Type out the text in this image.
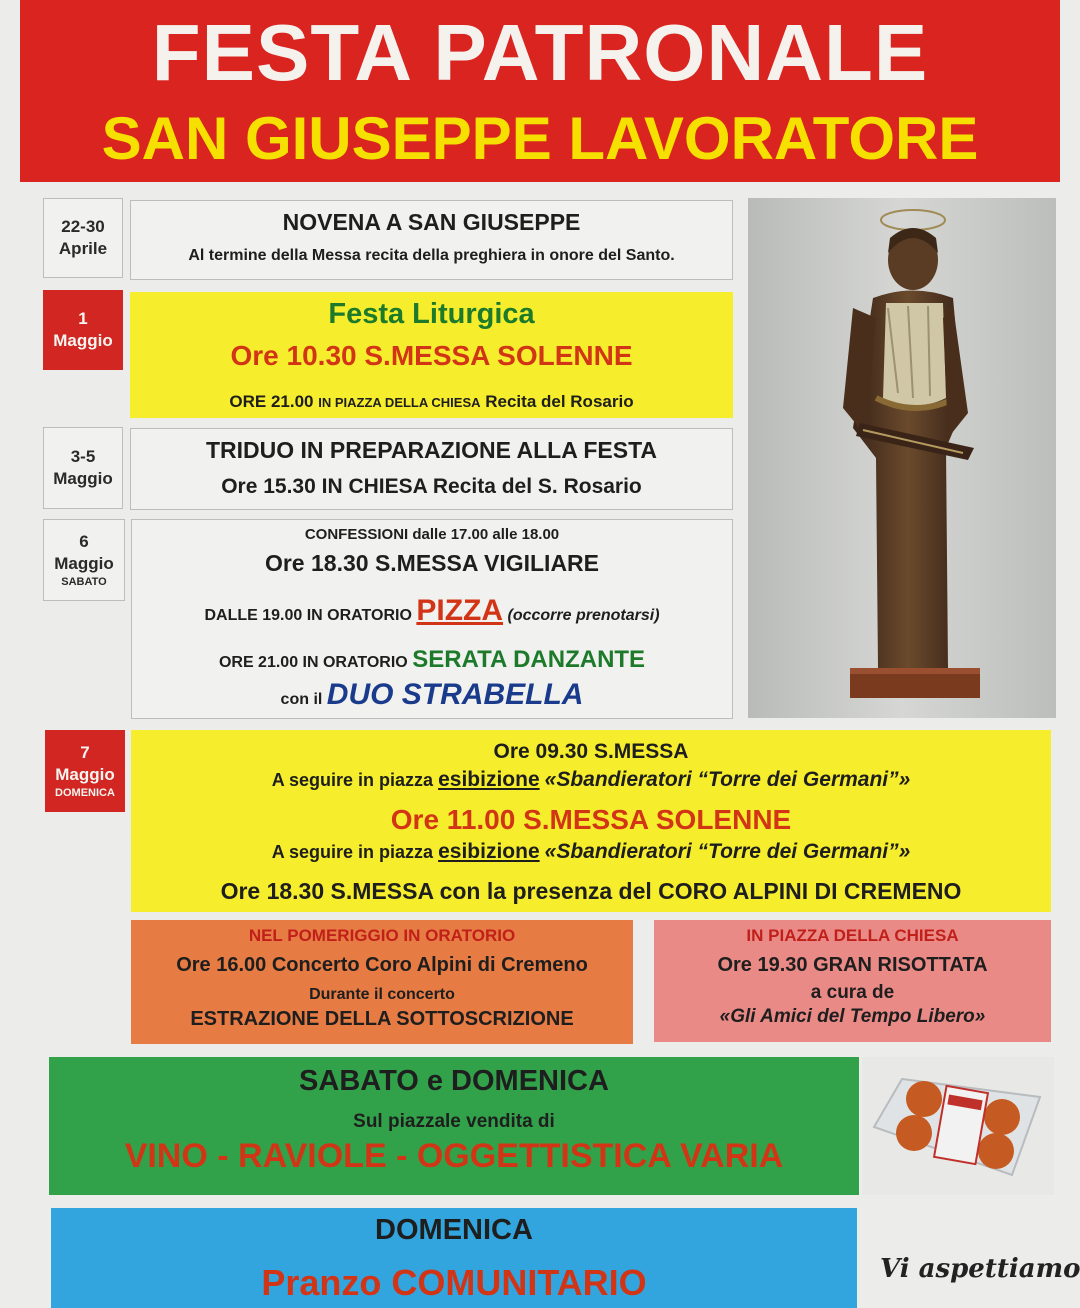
FESTA PATRONALE
SAN GIUSEPPE LAVORATORE
22-30
Aprile
NOVENA A SAN GIUSEPPE
Al termine della Messa recita della preghiera in onore del Santo.
1
Maggio
Festa Liturgica
Ore 10.30 S.MESSA SOLENNE
ORE 21.00 IN PIAZZA DELLA CHIESA Recita del Rosario
3-5
Maggio
TRIDUO IN PREPARAZIONE ALLA FESTA
Ore 15.30 IN CHIESA Recita del S. Rosario
6
Maggio
SABATO
CONFESSIONI dalle 17.00 alle 18.00
Ore 18.30 S.MESSA VIGILIARE
DALLE 19.00 IN ORATORIO PIZZA (occorre prenotarsi)
ORE 21.00 IN ORATORIO SERATA DANZANTE
con il DUO STRABELLA
7
Maggio
DOMENICA
Ore 09.30 S.MESSA
A seguire in piazza esibizione «Sbandieratori “Torre dei Germani”»
Ore 11.00 S.MESSA SOLENNE
A seguire in piazza esibizione «Sbandieratori “Torre dei Germani”»
Ore 18.30 S.MESSA con la presenza del CORO ALPINI DI CREMENO
NEL POMERIGGIO IN ORATORIO
Ore 16.00 Concerto Coro Alpini di Cremeno
Durante il concerto
ESTRAZIONE DELLA SOTTOSCRIZIONE
IN PIAZZA DELLA CHIESA
Ore 19.30 GRAN RISOTTATA
a cura de
«Gli Amici del Tempo Libero»
SABATO e DOMENICA
Sul piazzale vendita di
VINO - RAVIOLE - OGGETTISTICA VARIA
DOMENICA
Pranzo COMUNITARIO	Vi aspettiamo
